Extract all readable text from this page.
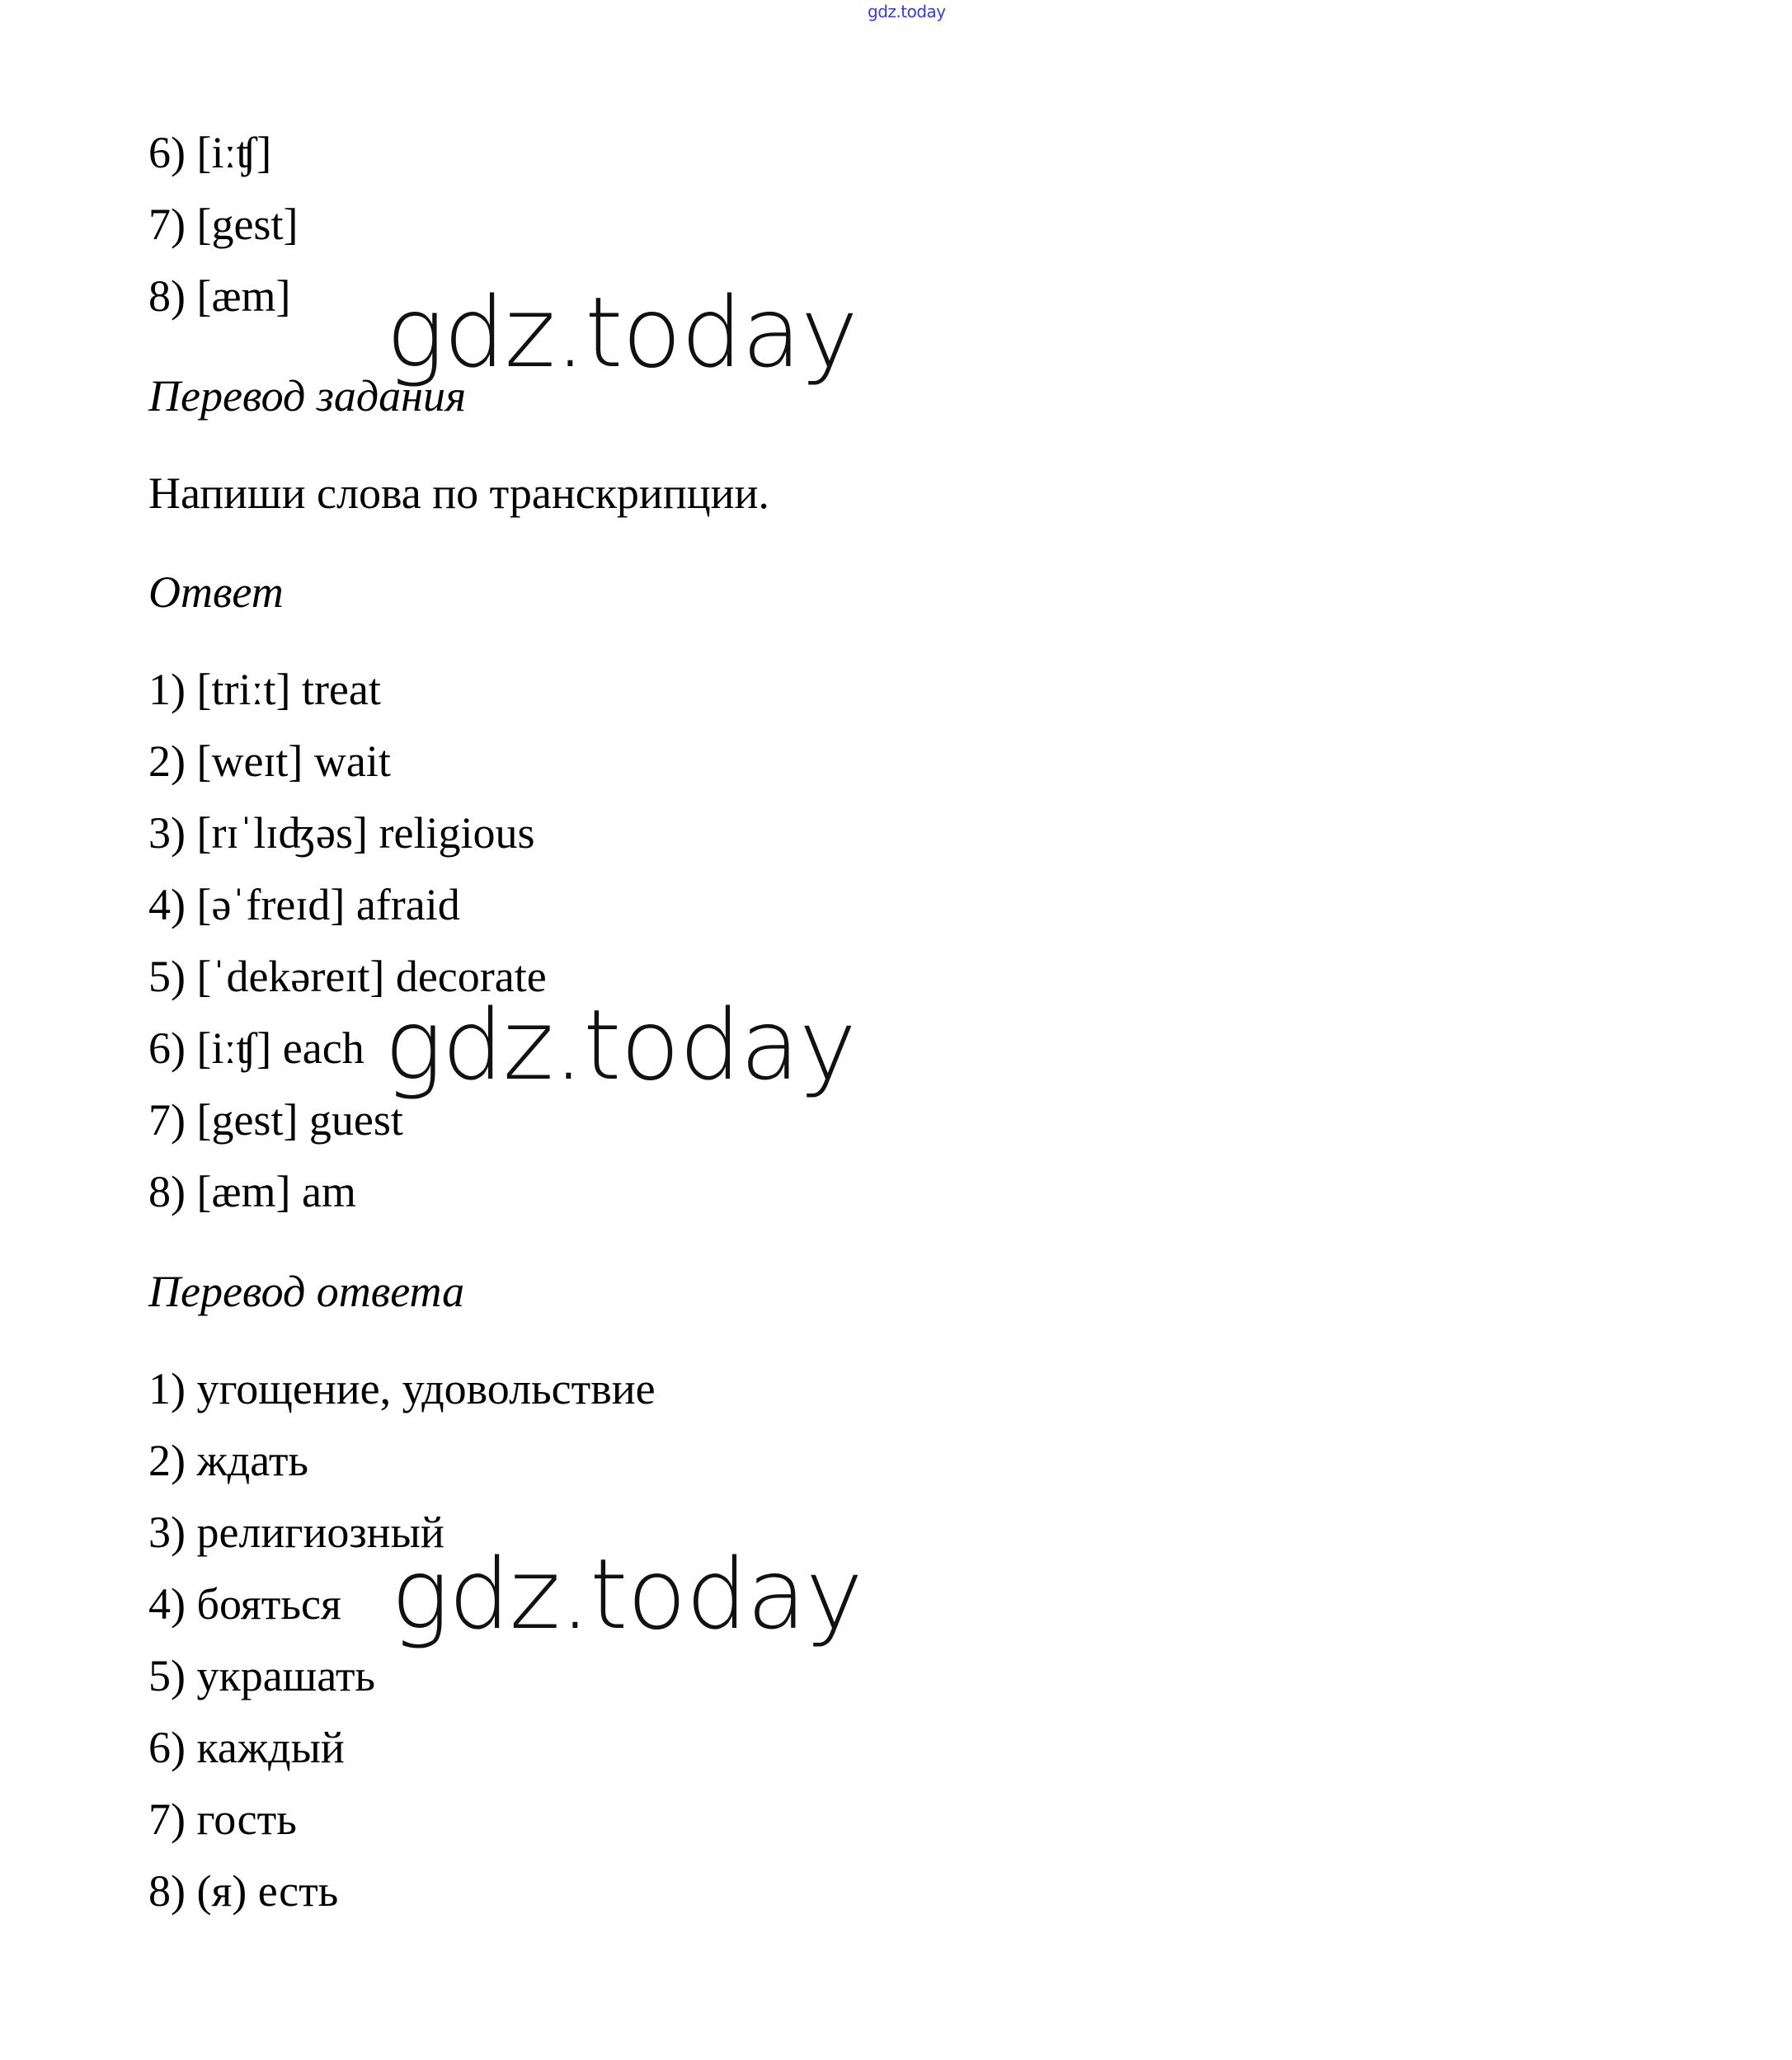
gdz.today
6) [iːʧ]
7) [gest]
8) [æm]
Перевод задания
Напиши слова по транскрипции.
Ответ
1) [triːt] treat
2) [weɪt] wait
3) [rɪˈlɪʤəs] religious
4) [əˈfreɪd] afraid
5) [ˈdekəreɪt] decorate
6) [iːʧ] each
7) [gest] guest
8) [æm] am
Перевод ответа
1) угощение, удовольствие
2) ждать
3) религиозный
4) бояться
5) украшать
6) каждый
7) гость
8) (я) есть
gdz.today
gdz.today
gdz.today
